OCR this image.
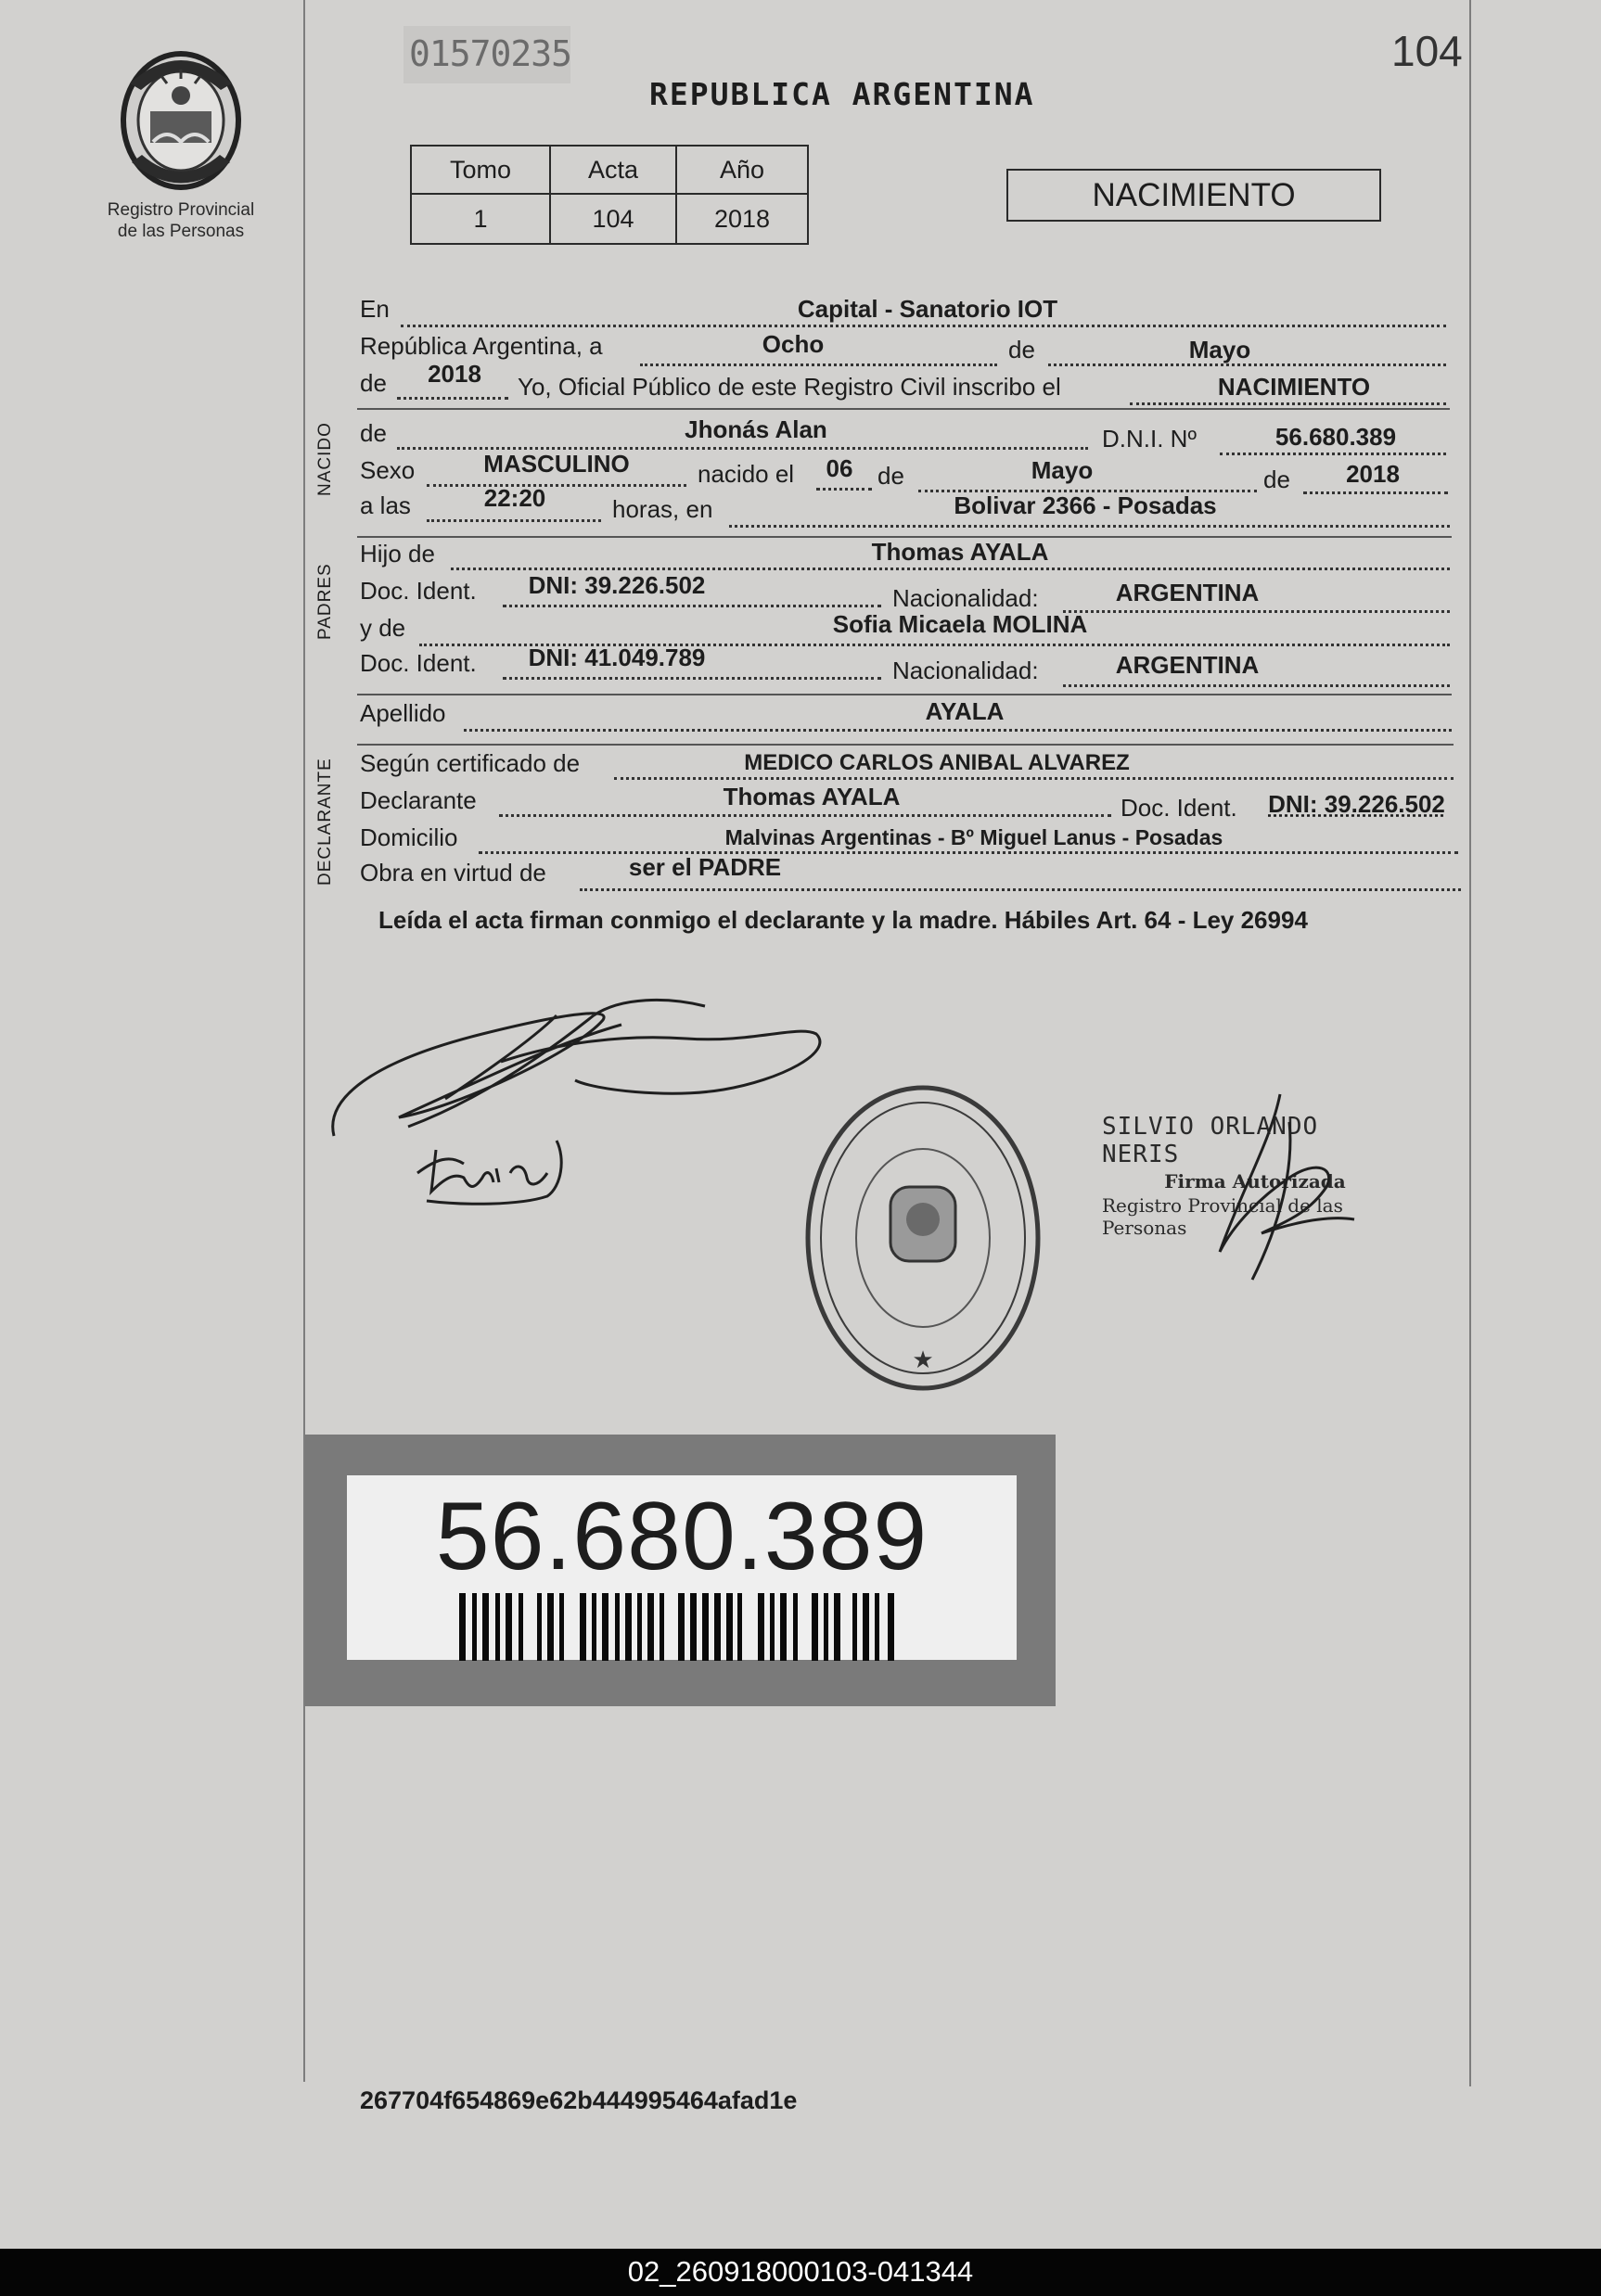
Registro Provincial
de las Personas
01570235	104
REPUBLICA ARGENTINA
Tomo	Acta	Año
1	104	2018
NACIMIENTO
En	Capital - Sanatorio IOT
República Argentina, a	Ocho	de	Mayo
de	2018	Yo, Oficial Público de este Registro Civil inscribo el	NACIMIENTO
NACIDO de	Jhonás Alan	D.N.I. Nº	56.680.389
Sexo	MASCULINO	nacido el	06	de	Mayo	de	2018
a las	22:20	horas, en	Bolivar 2366 - Posadas
PADRES
Hijo de	Thomas AYALA
Doc. Ident.	DNI: 39.226.502	Nacionalidad:	ARGENTINA
y de	Sofia Micaela MOLINA
Doc. Ident.	DNI: 41.049.789	Nacionalidad:	ARGENTINA
Apellido	AYALA
DECLARANTE Según certificado de	MEDICO CARLOS ANIBAL ALVAREZ
Declarante	Thomas AYALA	Doc. Ident.	DNI: 39.226.502
Domicilio	Malvinas Argentinas - Bº Miguel Lanus - Posadas
Obra en virtud de	ser el PADRE
Leída el acta firman conmigo el declarante y la madre. Hábiles Art. 64 - Ley 26994
★
SILVIO ORLANDO NERIS
Firma Autorizada
Registro Provincial de las Personas
56.680.389
267704f654869e62b444995464afad1e
02_260918000103-041344
